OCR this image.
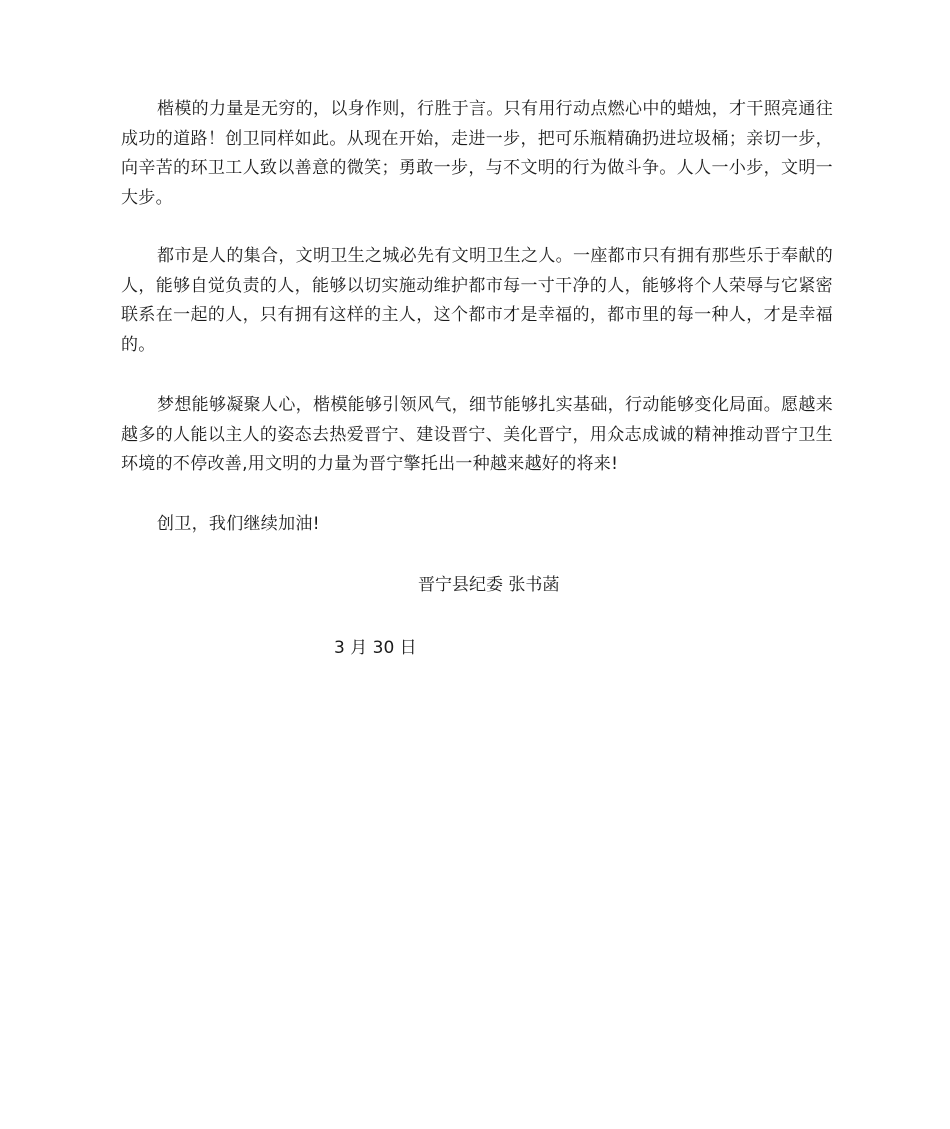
楷模的力量是无穷的，以身作则，行胜于言。只有用行动点燃心中的蜡烛，才干照亮通往成功的道路！创卫同样如此。从现在开始，走进一步，把可乐瓶精确扔进垃圾桶；亲切一步，向辛苦的环卫工人致以善意的微笑；勇敢一步，与不文明的行为做斗争。人人一小步，文明一大步。

都市是人的集合，文明卫生之城必先有文明卫生之人。一座都市只有拥有那些乐于奉献的人，能够自觉负责的人，能够以切实施动维护都市每一寸干净的人，能够将个人荣辱与它紧密联系在一起的人，只有拥有这样的主人，这个都市才是幸福的，都市里的每一种人，才是幸福的。

梦想能够凝聚人心，楷模能够引领风气，细节能够扎实基础，行动能够变化局面。愿越来越多的人能以主人的姿态去热爱晋宁、建设晋宁、美化晋宁，用众志成诚的精神推动晋宁卫生环境的不停改善,用文明的力量为晋宁擎托出一种越来越好的将来!

创卫，我们继续加油!

晋宁县纪委 张书菡

3 月 30 日
